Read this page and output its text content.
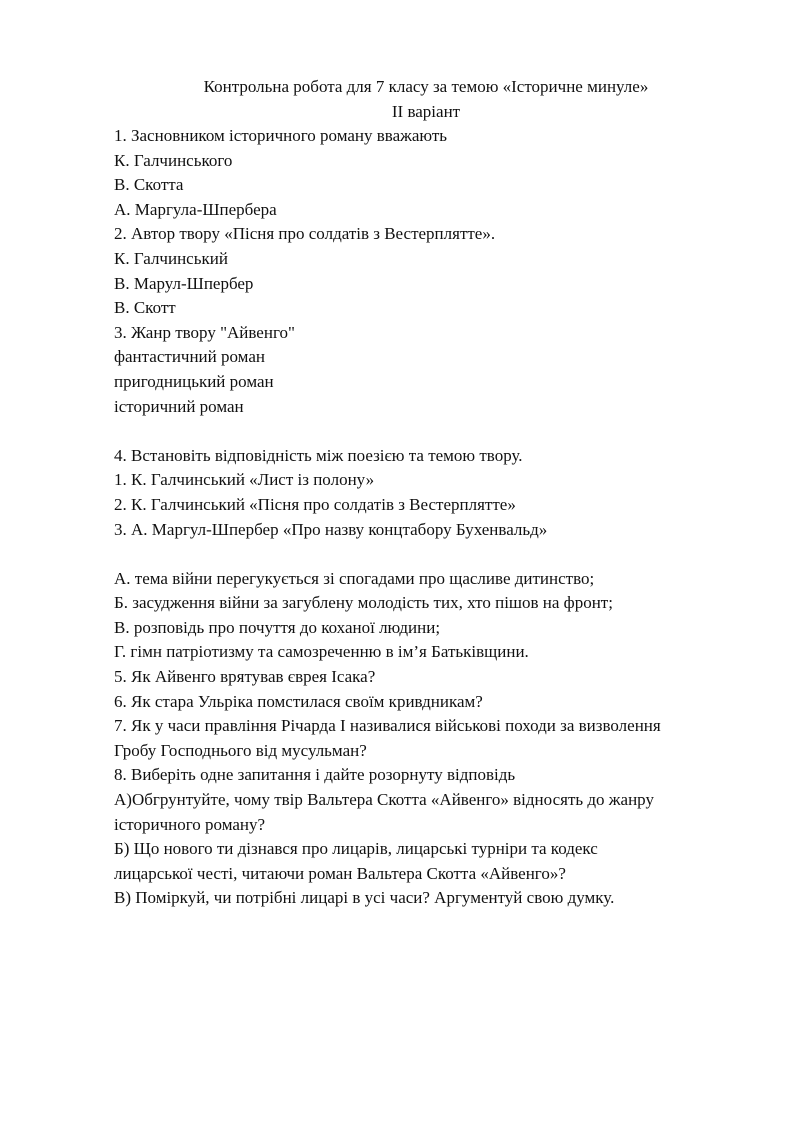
Контрольна робота для 7 класу за темою «Історичне минуле»
ІІ варіант
1. Засновником історичного роману вважають
К. Галчинського
В. Скотта
А. Маргула-Шпербера
2. Автор твору «Пісня про солдатів з Вестерплятте».
К. Галчинський
В. Марул-Шпербер
В. Скотт
3. Жанр твору "Айвенго"
фантастичний роман
пригодницький роман
історичний роман
4. Встановіть відповідність між поезією та темою твору.
1. К. Галчинський «Лист із полону»
2. К. Галчинський «Пісня про солдатів з Вестерплятте»
3. А. Маргул-Шпербер «Про назву концтабору Бухенвальд»
А. тема війни перегукується зі спогадами про щасливе дитинство;
Б. засудження війни за загублену молодість тих, хто пішов на фронт;
В. розповідь про почуття до коханої людини;
Г. гімн патріотизму та самозреченню в ім’я Батьківщини.
5. Як Айвенго врятував єврея Ісака?
6. Як стара Ульріка помстилася своїм кривдникам?
7. Як у часи правління Річарда І називалися військові походи за визволення
Гробу Господнього від мусульман?
8. Виберіть одне запитання і дайте розорнуту відповідь
А)Обгрунтуйте, чому твір Вальтера Скотта «Айвенго» відносять до жанру
історичного роману?
Б) Що нового ти дізнався про лицарів, лицарські турніри та кодекс
лицарської честі, читаючи роман Вальтера Скотта «Айвенго»?
В) Поміркуй, чи потрібні лицарі в усі часи? Аргументуй свою думку.
